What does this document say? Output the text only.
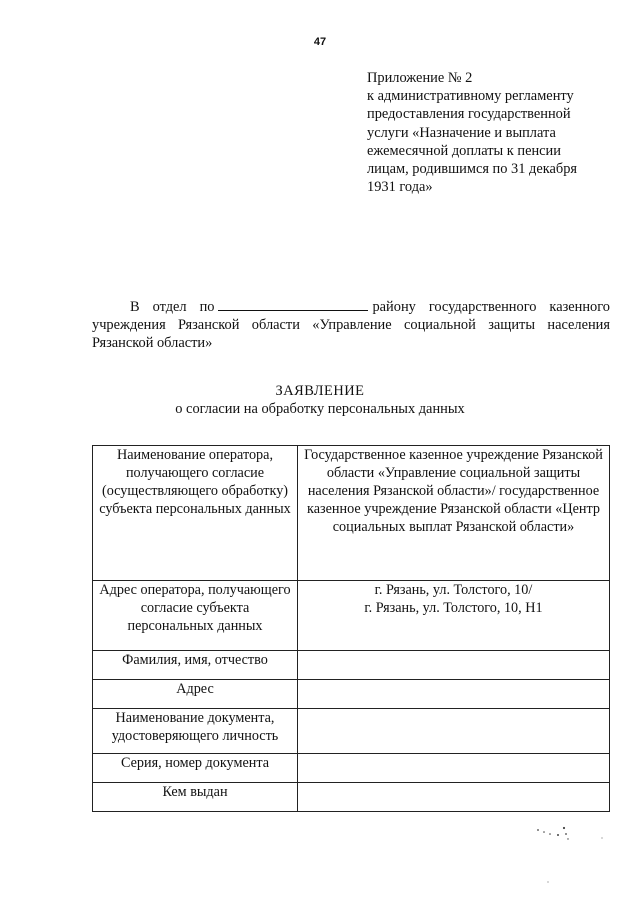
47
Приложение № 2
к административному регламенту
предоставления государственной
услуги «Назначение и выплата
ежемесячной доплаты к пенсии
лицам, родившимся по 31 декабря
1931 года»
В отдел по	району государственного казенного учреждения Рязанской области «Управление социальной защиты населения Рязанской области»
ЗАЯВЛЕНИЕ
о согласии на обработку персональных данных
Наименование оператора, получающего согласие (осуществляющего обработку) субъекта персональных данных	Государственное казенное учреждение Рязанской области «Управление социальной защиты населения Рязанской области»/ государственное казенное учреждение Рязанской области «Центр социальных выплат Рязанской области»
Адрес оператора, получающего согласие субъекта персональных данных	г. Рязань, ул. Толстого, 10/
г. Рязань, ул. Толстого, 10, Н1

Фамилия, имя, отчество	
Адрес	
Наименование документа, удостоверяющего личность	
Серия, номер документа	
Кем выдан	
